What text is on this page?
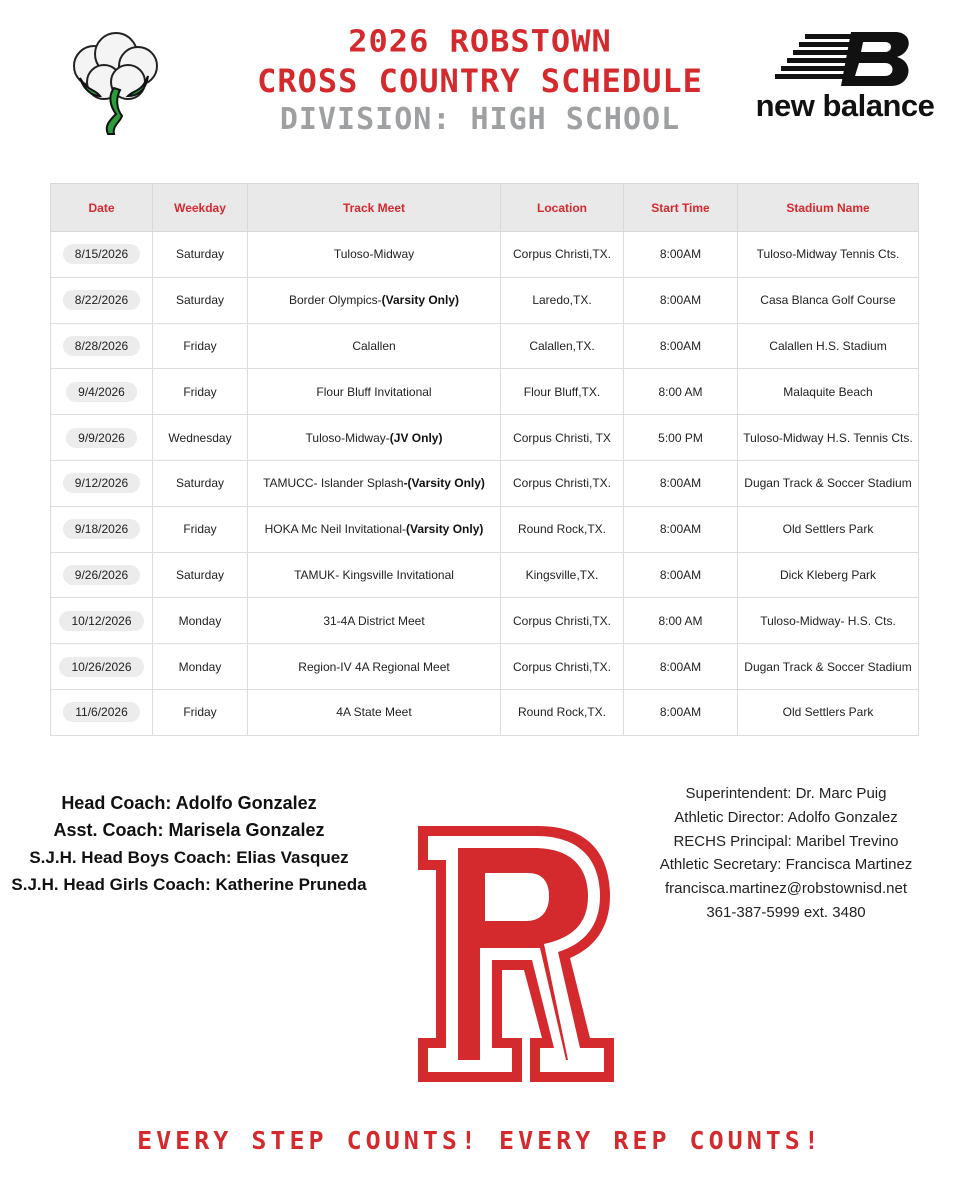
2026 ROBSTOWN
CROSS COUNTRY SCHEDULE
DIVISION: HIGH SCHOOL	new balance
Date	Weekday	Track Meet	Location	Start Time	Stadium Name
8/15/2026	Saturday	Tuloso-Midway	Corpus Christi,TX.	8:00AM	Tuloso-Midway Tennis Cts.
8/22/2026	Saturday	Border Olympics-(Varsity Only)	Laredo,TX.	8:00AM	Casa Blanca Golf Course
8/28/2026	Friday	Calallen	Calallen,TX.	8:00AM	Calallen H.S. Stadium
9/4/2026	Friday	Flour Bluff Invitational	Flour Bluff,TX.	8:00 AM	Malaquite Beach
9/9/2026	Wednesday	Tuloso-Midway-(JV Only)	Corpus Christi, TX	5:00 PM	Tuloso-Midway H.S. Tennis Cts.
9/12/2026	Saturday	TAMUCC- Islander Splash-(Varsity Only)	Corpus Christi,TX.	8:00AM	Dugan Track & Soccer Stadium
9/18/2026	Friday	HOKA Mc Neil Invitational-(Varsity Only)	Round Rock,TX.	8:00AM	Old Settlers Park
9/26/2026	Saturday	TAMUK- Kingsville Invitational	Kingsville,TX.	8:00AM	Dick Kleberg Park
10/12/2026	Monday	31-4A District Meet	Corpus Christi,TX.	8:00 AM	Tuloso-Midway- H.S. Cts.
10/26/2026	Monday	Region-IV 4A Regional Meet	Corpus Christi,TX.	8:00AM	Dugan Track & Soccer Stadium
11/6/2026	Friday	4A State Meet	Round Rock,TX.	8:00AM	Old Settlers Park
Head Coach: Adolfo Gonzalez
Asst. Coach: Marisela Gonzalez
S.J.H. Head Boys Coach: Elias Vasquez
S.J.H. Head Girls Coach: Katherine Pruneda
Superintendent: Dr. Marc Puig
Athletic Director: Adolfo Gonzalez
RECHS Principal: Maribel Trevino
Athletic Secretary: Francisca Martinez
francisca.martinez@robstownisd.net
361-387-5999 ext. 3480
EVERY STEP COUNTS! EVERY REP COUNTS!
